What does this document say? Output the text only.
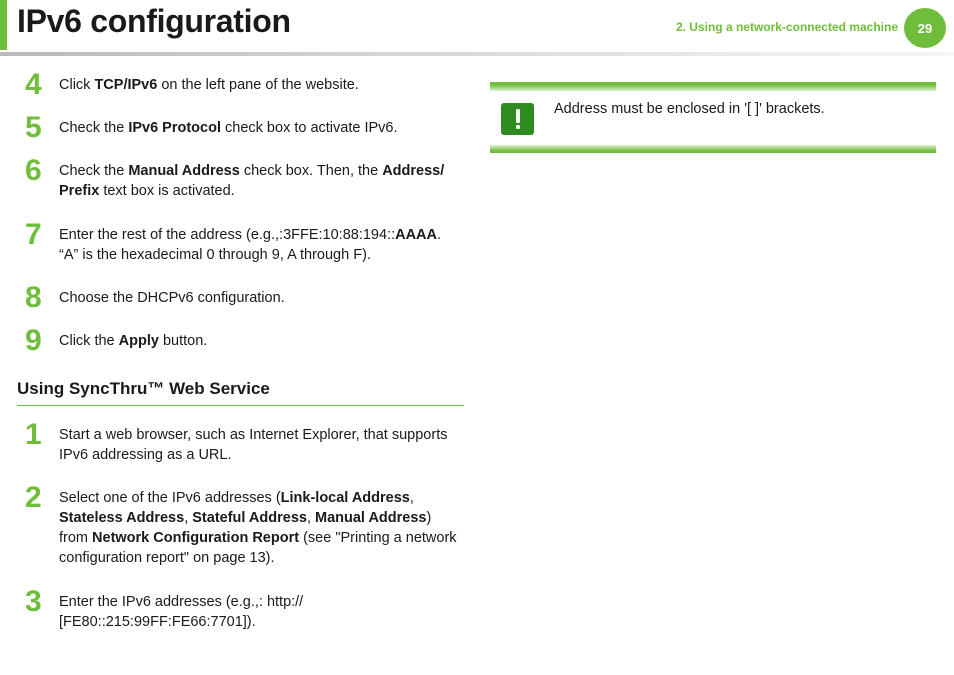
IPv6 configuration	2. Using a network-connected machine	29
4	Click TCP/IPv6 on the left pane of the website.
5	Check the IPv6 Protocol check box to activate IPv6.
6	Check the Manual Address check box. Then, the Address/ Prefix text box is activated.
7	Enter the rest of the address (e.g.,:3FFE:10:88:194::AAAA. “A” is the hexadecimal 0 through 9, A through F).
8	Choose the DHCPv6 configuration.
9	Click the Apply button.
Using SyncThru™ Web Service
1	Start a web browser, such as Internet Explorer, that supports IPv6 addressing as a URL.
2	Select one of the IPv6 addresses (Link-local Address, Stateless Address, Stateful Address, Manual Address) from Network Configuration Report (see "Printing a network configuration report" on page 13).
3	Enter the IPv6 addresses (e.g.,: http://
[FE80::215:99FF:FE66:7701]).
Address must be enclosed in '[ ]' brackets.
